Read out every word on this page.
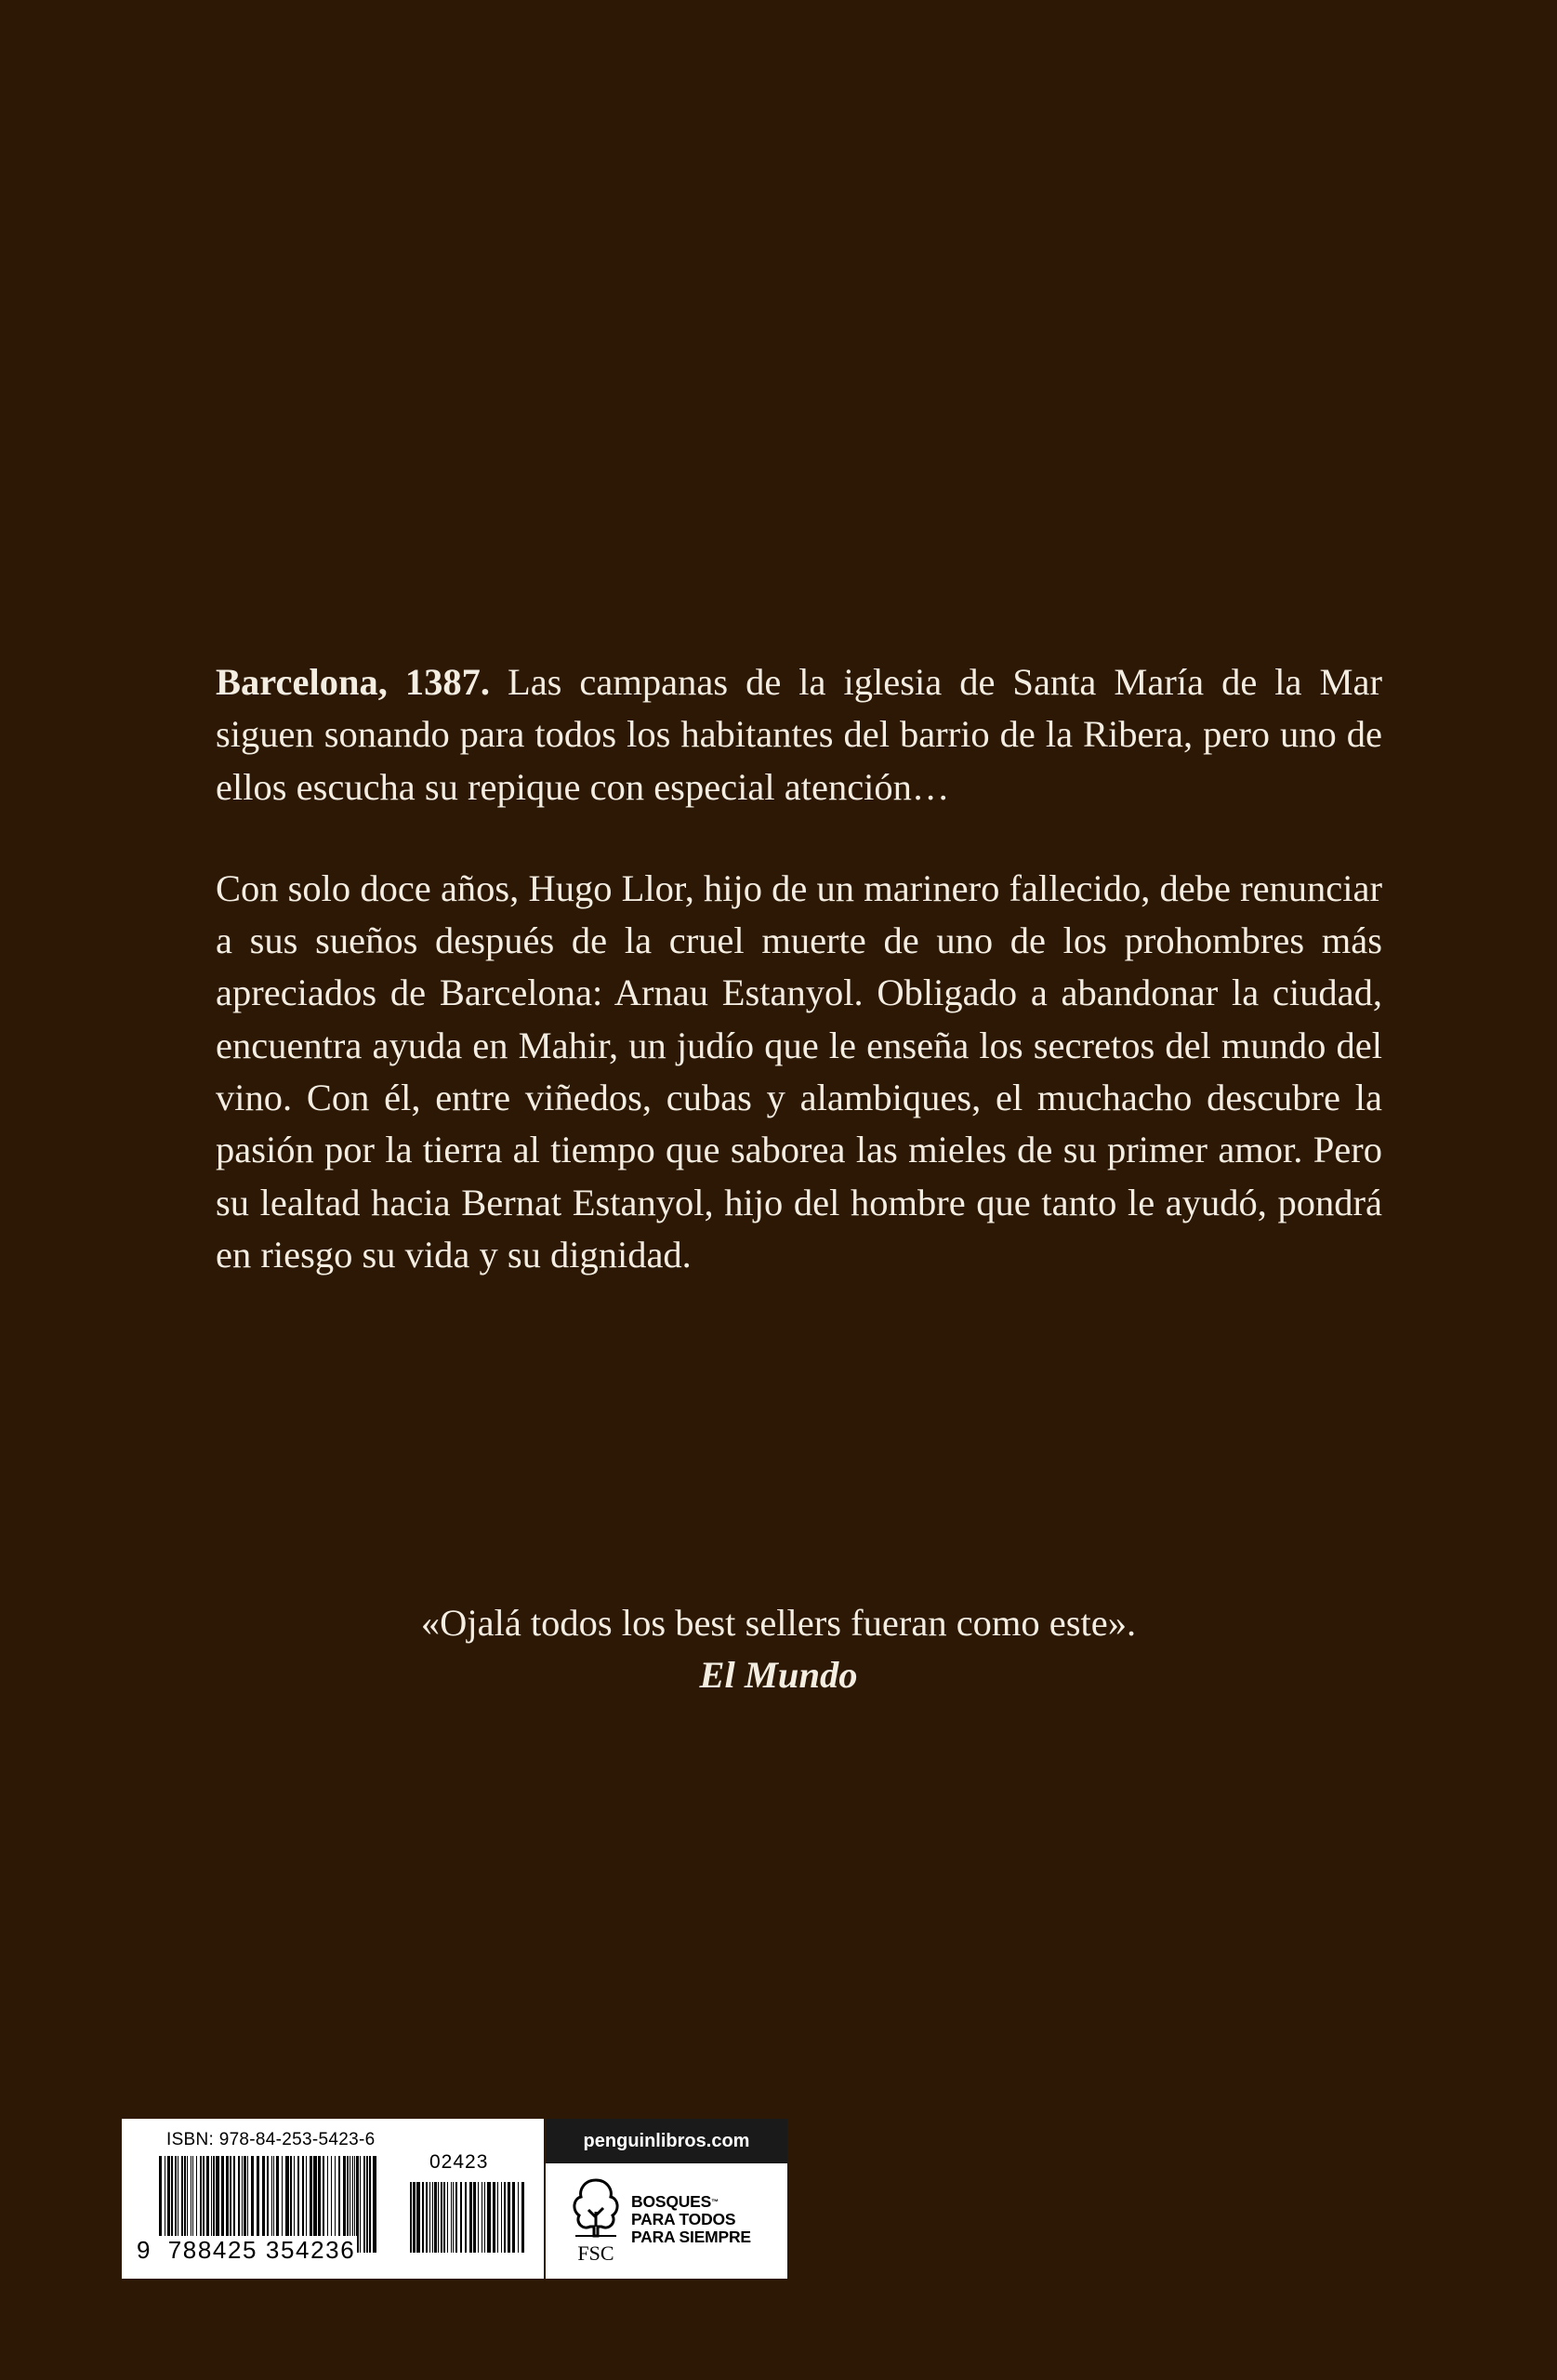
Barcelona, 1387. Las campanas de la iglesia de Santa María de la Mar siguen sonando para todos los habitantes del barrio de la Ribera, pero uno de ellos escucha su repique con especial atención…

Con solo doce años, Hugo Llor, hijo de un marinero fallecido, debe renunciar a sus sueños después de la cruel muerte de uno de los prohombres más apreciados de Barcelona: Arnau Estanyol. Obligado a abandonar la ciudad, encuentra ayuda en Mahir, un judío que le enseña los secretos del mundo del vino. Con él, entre viñedos, cubas y alambiques, el muchacho descubre la pasión por la tierra al tiempo que saborea las mieles de su primer amor. Pero su lealtad hacia Bernat Estanyol, hijo del hombre que tanto le ayudó, pondrá en riesgo su vida y su dignidad.

«Ojalá todos los best sellers fueran como este».
El Mundo
ISBN: 978-84-253-5423-6
02423
9 788425 354236
penguinlibros.com
FSC
BOSQUES™
PARA TODOS
PARA SIEMPRE
